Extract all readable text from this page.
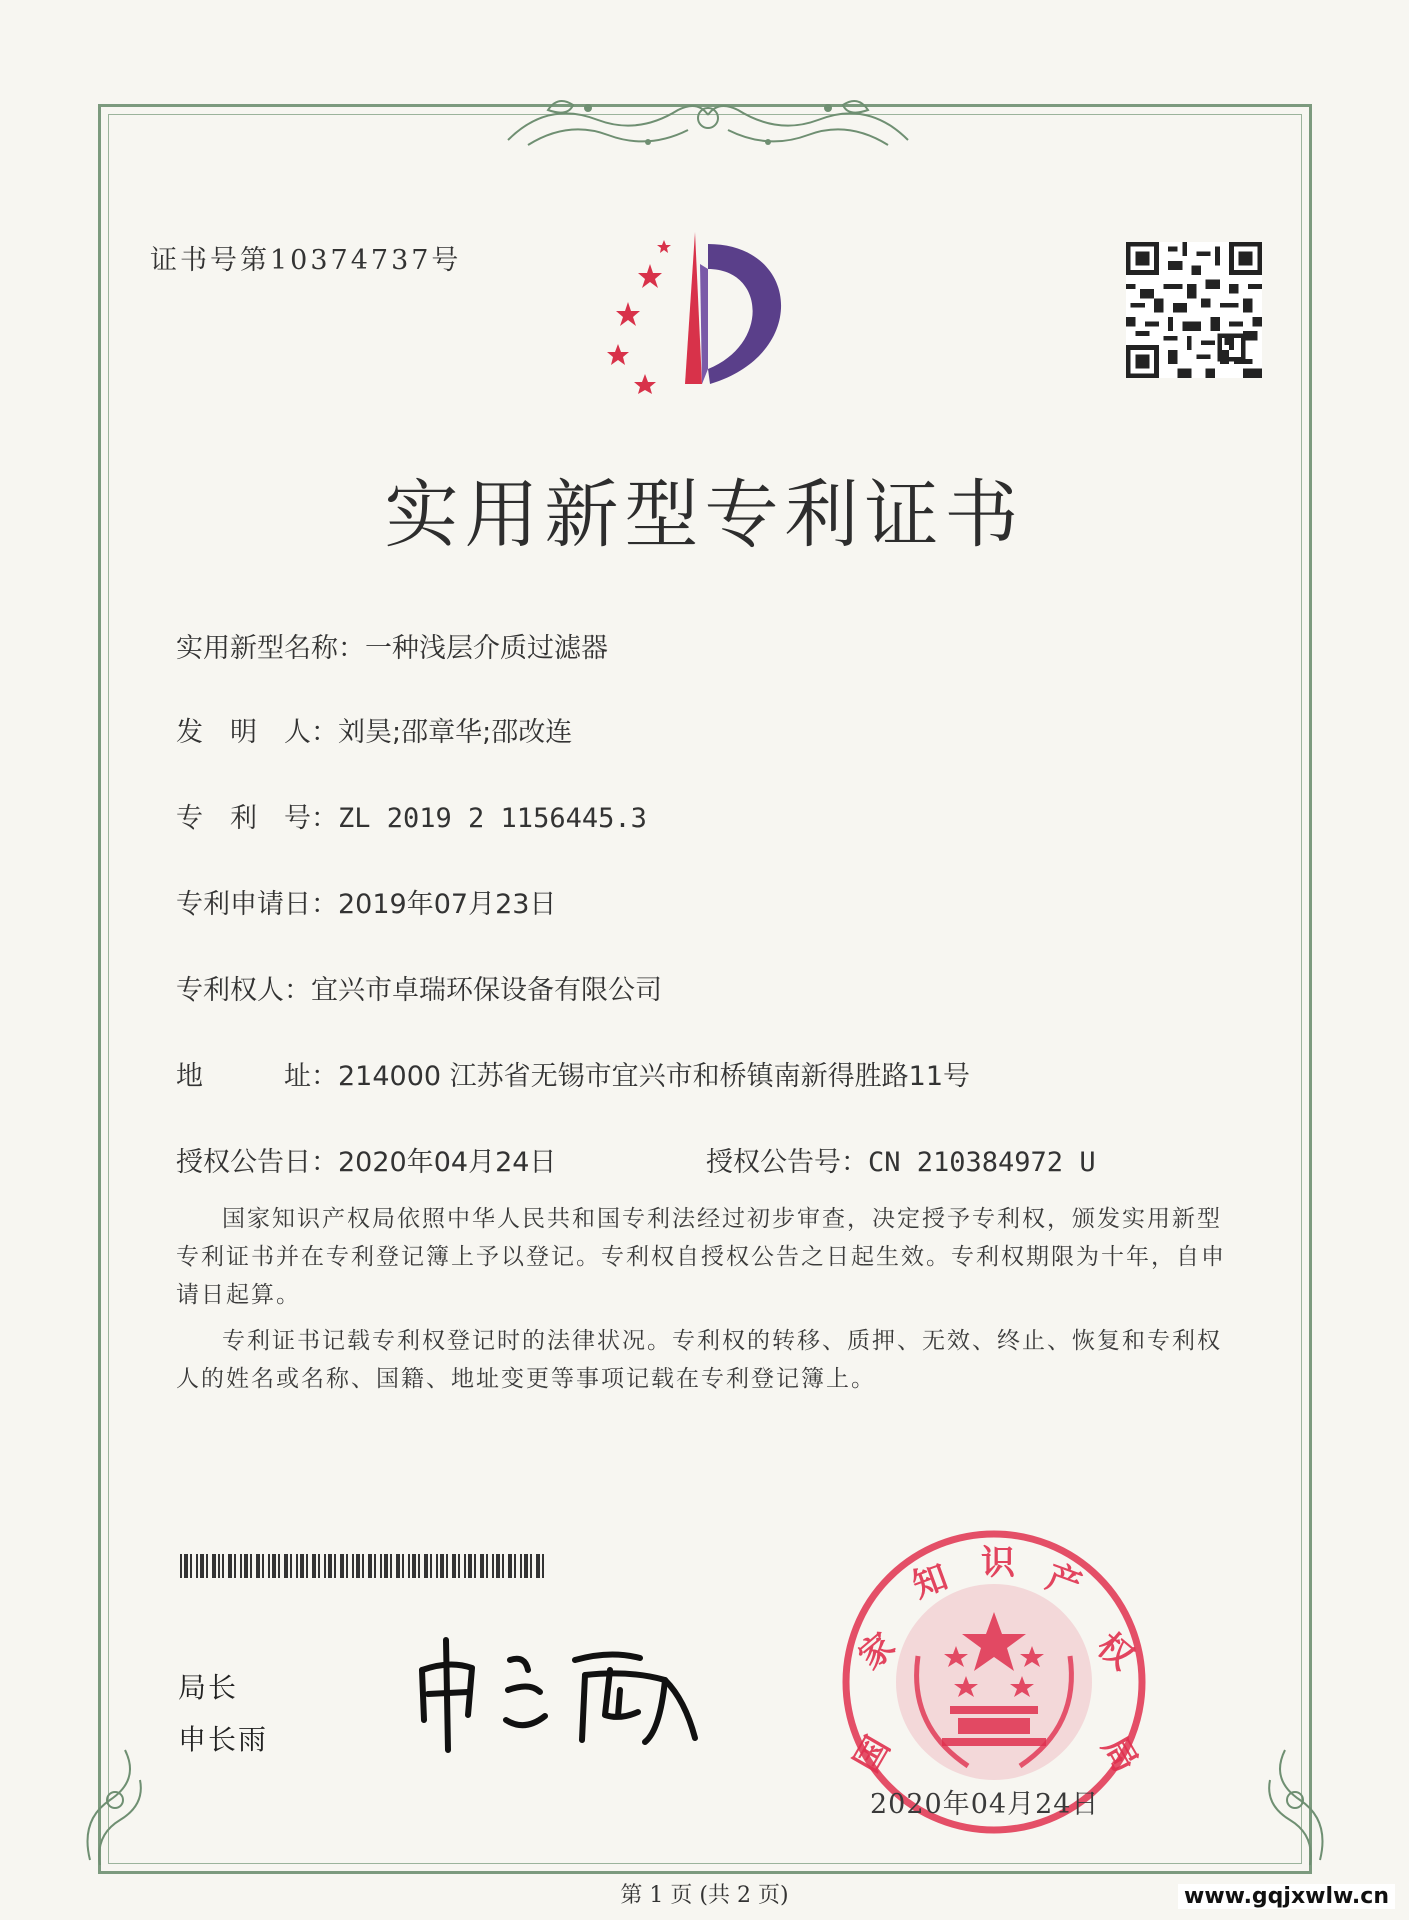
证书号第10374737号
实用新型专利证书
实用新型名称：一种浅层介质过滤器
发　明　人：刘昊;邵章华;邵改连
专　利　号：ZL 2019 2 1156445.3
专利申请日：2019年07月23日
专利权人：宜兴市卓瑞环保设备有限公司
地　　　址：214000 江苏省无锡市宜兴市和桥镇南新得胜路11号
授权公告日：2020年04月24日	授权公告号：CN 210384972 U
国家知识产权局依照中华人民共和国专利法经过初步审查，决定授予专利权，颁发实用新型专利证书并在专利登记簿上予以登记。专利权自授权公告之日起生效。专利权期限为十年，自申请日起算。
专利证书记载专利权登记时的法律状况。专利权的转移、质押、无效、终止、恢复和专利权人的姓名或名称、国籍、地址变更等事项记载在专利登记簿上。
局长
申长雨	国
家
知 识 产
权
局
2020年04月24日
第 1 页 (共 2 页)	www.gqjxwlw.cn
